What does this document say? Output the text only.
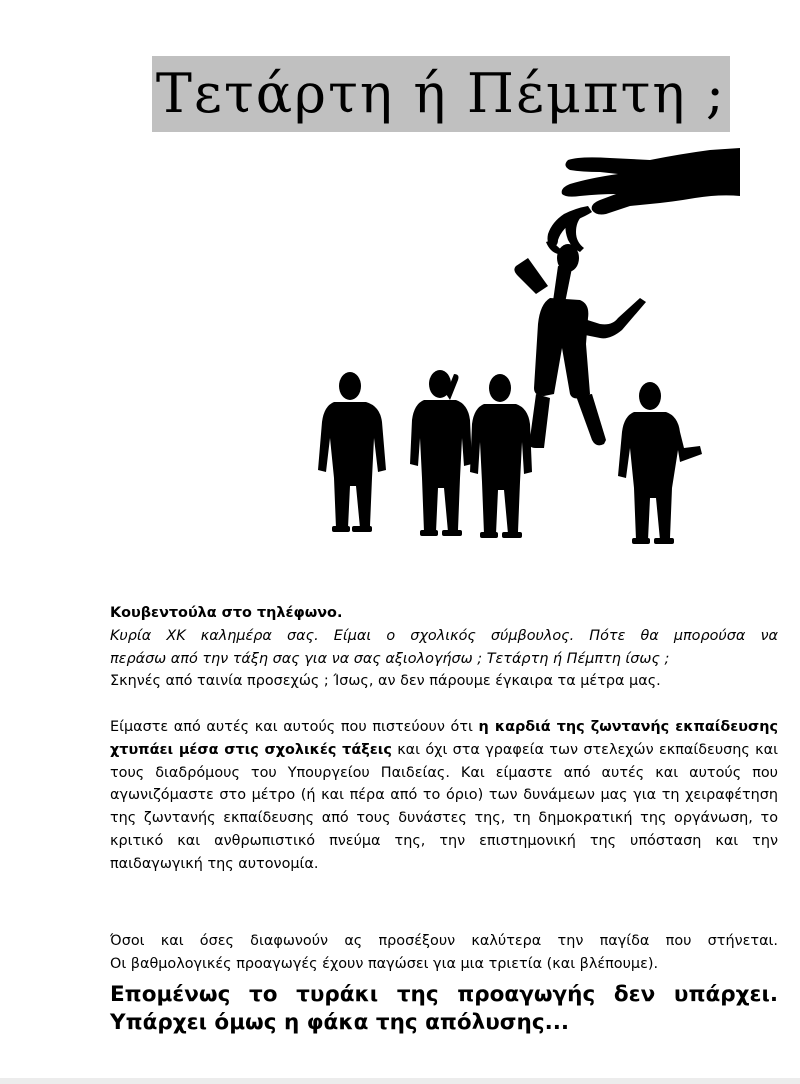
Τετάρτη ή Πέμπτη ;
Κουβεντούλα στο τηλέφωνο.
Κυρία ΧΚ καλημέρα σας. Είμαι ο σχολικός σύμβουλος. Πότε θα μπορούσα να
περάσω από την τάξη σας για να σας αξιολογήσω ; Τετάρτη ή Πέμπτη ίσως ;
Σκηνές από ταινία προσεχώς ; Ίσως, αν δεν πάρουμε έγκαιρα τα μέτρα μας.
Είμαστε από αυτές και αυτούς που πιστεύουν ότι η καρδιά της ζωντανής εκπαίδευσης χτυπάει μέσα στις σχολικές τάξεις και όχι στα γραφεία των στελεχών εκπαίδευσης και τους διαδρόμους του Υπουργείου Παιδείας. Και είμαστε από αυτές και αυτούς που αγωνιζόμαστε στο μέτρο (ή και πέρα από το όριο) των δυνάμεων μας για τη χειραφέτηση της ζωντανής εκπαίδευσης από τους δυνάστες της, τη δημοκρατική της οργάνωση, το κριτικό και ανθρωπιστικό πνεύμα της, την επιστημονική της υπόσταση και την παιδαγωγική της αυτονομία.
Όσοι και όσες διαφωνούν ας προσέξουν καλύτερα την παγίδα που στήνεται.
Οι βαθμολογικές προαγωγές έχουν παγώσει για μια τριετία (και βλέπουμε).
Επομένως το τυράκι της προαγωγής δεν υπάρχει.
Υπάρχει όμως η φάκα της απόλυσης...
